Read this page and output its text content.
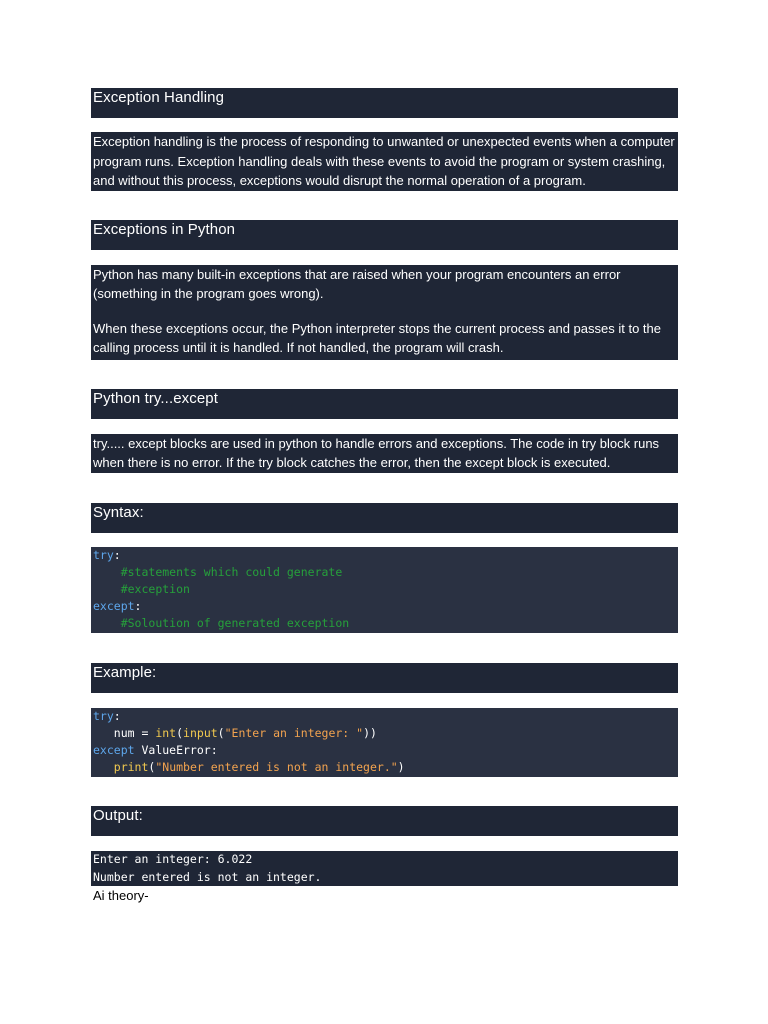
Exception Handling

Exception handling is the process of responding to unwanted or unexpected events when a computer program runs. Exception handling deals with these events to avoid the program or system crashing, and without this process, exceptions would disrupt the normal operation of a program.

Exceptions in Python

Python has many built-in exceptions that are raised when your program encounters an error (something in the program goes wrong).

When these exceptions occur, the Python interpreter stops the current process and passes it to the calling process until it is handled. If not handled, the program will crash.

Python try...except

try..... except blocks are used in python to handle errors and exceptions. The code in try block runs when there is no error. If the try block catches the error, then the except block is executed.

Syntax:
try:
#statements which could generate
#exception
except:
#Soloution of generated exception
Example:
try:
num = int(input("Enter an integer: "))
except ValueError:
print("Number entered is not an integer.")
Output:
Enter an integer: 6.022
Number entered is not an integer.
Ai theory-
